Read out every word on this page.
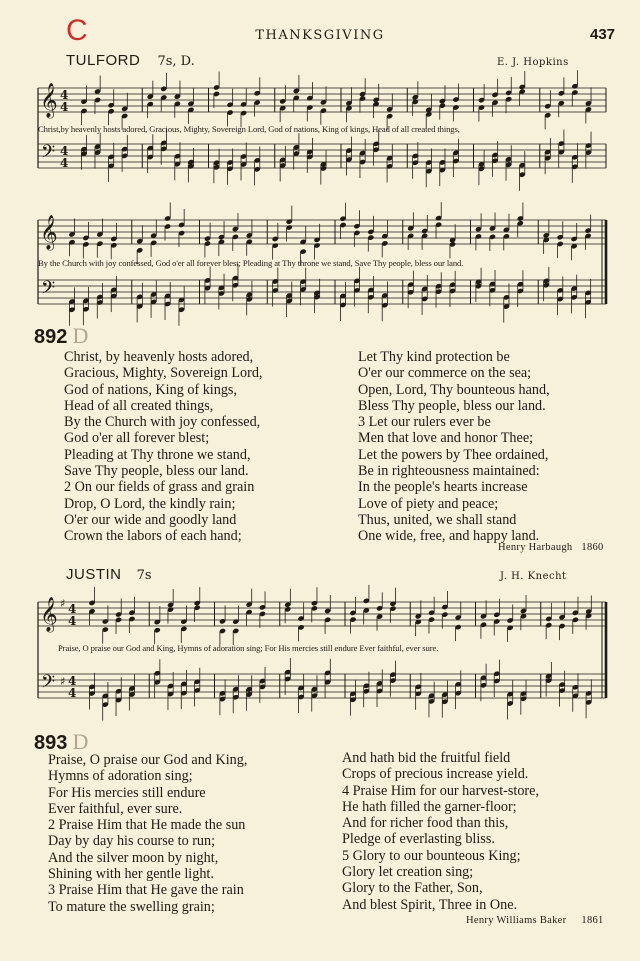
C	THANKSGIVING	437
TULFORD 7s, D.	E. J. Hopkins
𝄞
𝄢
4
4
4
4
Christ,by heavenly hosts adored, Gracious, Mighty, Sovereign Lord, God of nations, King of kings, Head of all created things,
𝄞
𝄢
By the Church with joy confessed, God o'er all forever blest; Pleading at Thy throne we stand, Save Thy people, bless our land.
892 D
Christ, by heavenly hosts adored,
Gracious, Mighty, Sovereign Lord,
God of nations, King of kings,
Head of all created things,
By the Church with joy confessed,
God o'er all forever blest;
Pleading at Thy throne we stand,
Save Thy people, bless our land.
2 On our fields of grass and grain
Drop, O Lord, the kindly rain;
O'er our wide and goodly land
Crown the labors of each hand;
Let Thy kind protection be
O'er our commerce on the sea;
Open, Lord, Thy bounteous hand,
Bless Thy people, bless our land.
3 Let our rulers ever be
Men that love and honor Thee;
Let the powers by Thee ordained,
Be in righteousness maintained:
In the people's hearts increase
Love of piety and peace;
Thus, united, we shall stand
One wide, free, and happy land.
Henry Harbaugh 1860
JUSTIN 7s	J. H. Knecht
𝄞
𝄢
♯
♯
4
4
4
4
Praise, O praise our God and King, Hymns of adoration sing; For His mercies still endure Ever faithful, ever sure.
893 D
Praise, O praise our God and King,
Hymns of adoration sing;
For His mercies still endure
Ever faithful, ever sure.
2 Praise Him that He made the sun
Day by day his course to run;
And the silver moon by night,
Shining with her gentle light.
3 Praise Him that He gave the rain
To mature the swelling grain;
And hath bid the fruitful field
Crops of precious increase yield.
4 Praise Him for our harvest-store,
He hath filled the garner-floor;
And for richer food than this,
Pledge of everlasting bliss.
5 Glory to our bounteous King;
Glory let creation sing;
Glory to the Father, Son,
And blest Spirit, Three in One.
Henry Williams Baker 1861
